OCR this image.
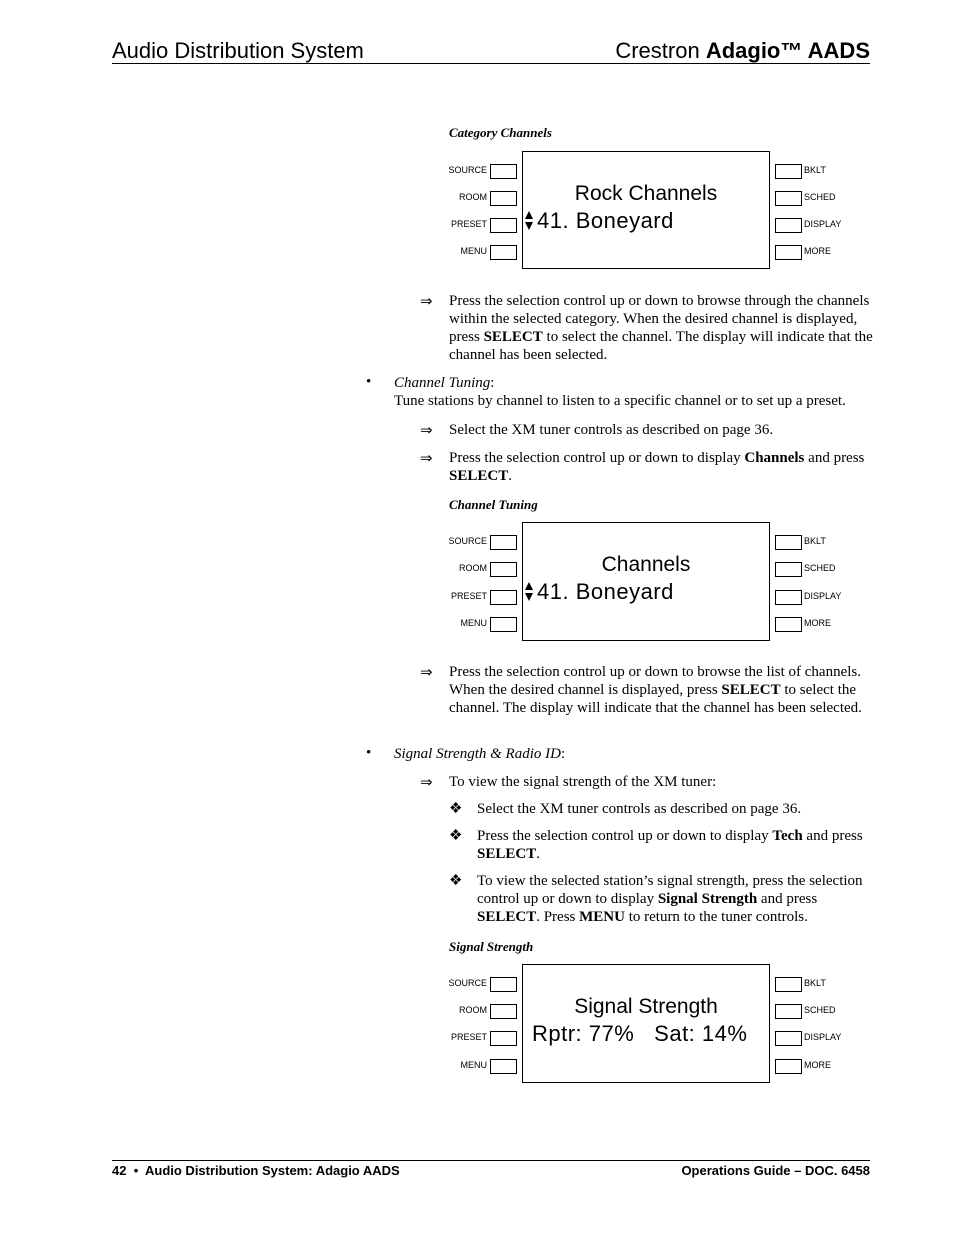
Audio Distribution System	Crestron Adagio™ AADS
Category Channels
SOURCE
ROOM
PRESET
MENU
Rock Channels
41. Boneyard
BKLT
SCHED
DISPLAY
MORE
⇒ Press the selection control up or down to browse through the channels within the selected category. When the desired channel is displayed, press SELECT to select the channel. The display will indicate that the channel has been selected.
• Channel Tuning:
Tune stations by channel to listen to a specific channel or to set up a preset.
⇒ Select the XM tuner controls as described on page 36.
⇒ Press the selection control up or down to display Channels and press SELECT.
Channel Tuning
SOURCE
ROOM
PRESET
MENU
Channels
41. Boneyard
BKLT
SCHED
DISPLAY
MORE
⇒ Press the selection control up or down to browse the list of channels. When the desired channel is displayed, press SELECT to select the channel. The display will indicate that the channel has been selected.
• Signal Strength & Radio ID:
⇒ To view the signal strength of the XM tuner:
❖ Select the XM tuner controls as described on page 36.
❖ Press the selection control up or down to display Tech and press SELECT.
❖ To view the selected station’s signal strength, press the selection control up or down to display Signal Strength and press SELECT. Press MENU to return to the tuner controls.
Signal Strength
SOURCE
ROOM
PRESET
MENU
Signal Strength
Rptr: 77%   Sat: 14%
BKLT
SCHED
DISPLAY
MORE
42  •  Audio Distribution System: Adagio AADS	Operations Guide – DOC. 6458
